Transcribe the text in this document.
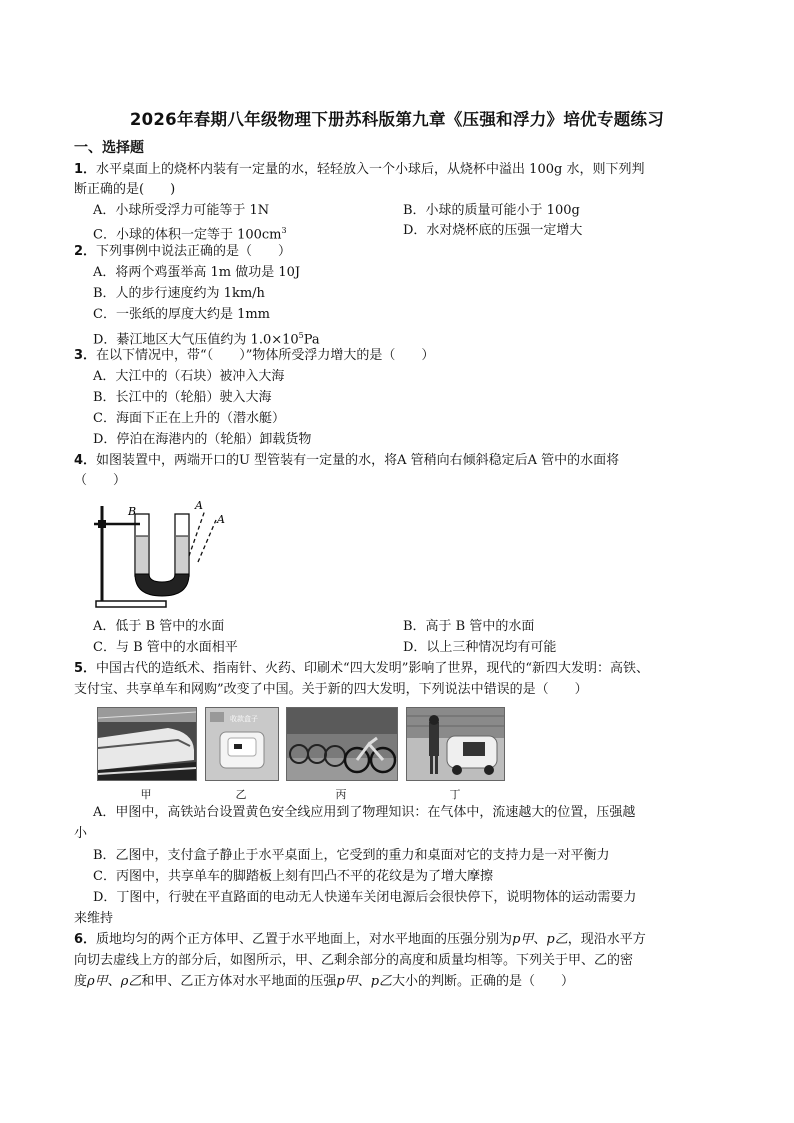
2026年春期八年级物理下册苏科版第九章《压强和浮力》培优专题练习
一、选择题
1．水平桌面上的烧杯内装有一定量的水，轻轻放入一个小球后，从烧杯中溢出 100g 水，则下列判
断正确的是(　　)
A．小球所受浮力可能等于 1N	B．小球的质量可能小于 100g
C．小球的体积一定等于 $100cm^3$	D．水对烧杯底的压强一定增大
2．下列事例中说法正确的是（　　）
A．将两个鸡蛋举高 1m 做功是 10J
B．人的步行速度约为 1km/h
C．一张纸的厚度大约是 1mm
D．綦江地区大气压值约为 $1.0\times 10^5Pa$
3．在以下情况中，带“（　　）”物体所受浮力增大的是（　　）
A．大江中的（石块）被冲入大海
B．长江中的（轮船）驶入大海
C．海面下正在上升的（潜水艇）
D．停泊在海港内的（轮船）卸载货物
4．如图装置中，两端开口的U 型管装有一定量的水，将A 管稍向右倾斜稳定后A 管中的水面将
（　　）
B	A
A
A．低于 B 管中的水面	B．高于 B 管中的水面
C．与 B 管中的水面相平	D．以上三种情况均有可能
5．中国古代的造纸术、指南针、火药、印刷术“四大发明”影响了世界，现代的“新四大发明：高铁、
支付宝、共享单车和网购”改变了中国。关于新的四大发明，下列说法中错误的是（　　）
收款盒子
甲	乙	丙	丁
A．甲图中，高铁站台设置黄色安全线应用到了物理知识：在气体中，流速越大的位置，压强越
小
B．乙图中，支付盒子静止于水平桌面上，它受到的重力和桌面对它的支持力是一对平衡力
C．丙图中，共享单车的脚踏板上刻有凹凸不平的花纹是为了增大摩擦
D．丁图中，行驶在平直路面的电动无人快递车关闭电源后会很快停下，说明物体的运动需要力
来维持
6．质地均匀的两个正方体甲、乙置于水平地面上，对水平地面的压强分别为p甲、p乙，现沿水平方
向切去虚线上方的部分后，如图所示，甲、乙剩余部分的高度和质量均相等。下列关于甲、乙的密
度ρ甲、ρ乙和甲、乙正方体对水平地面的压强p甲、p乙大小的判断。正确的是（　　）
